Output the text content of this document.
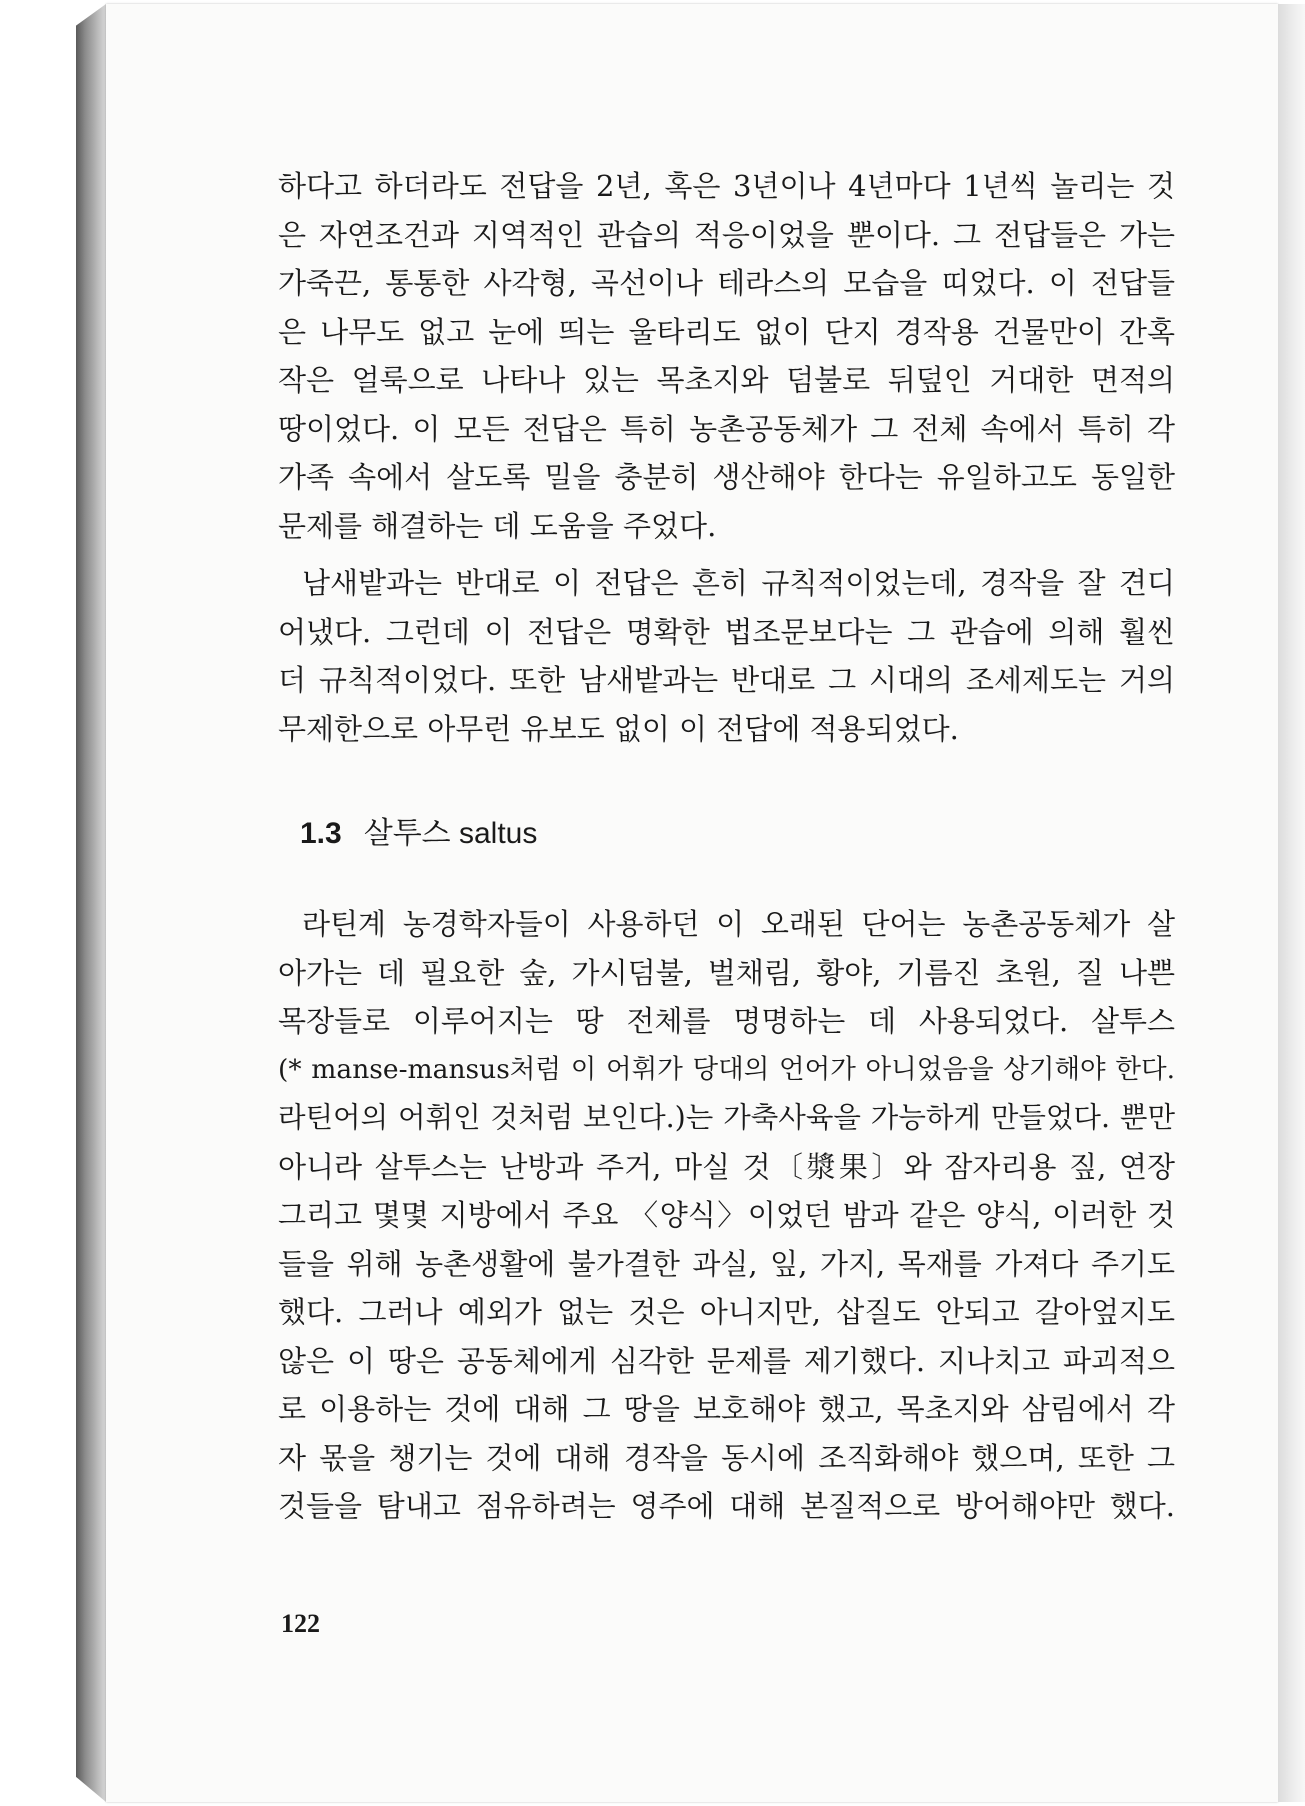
하다고 하더라도 전답을 2년, 혹은 3년이나 4년마다 1년씩 놀리는 것
은 자연조건과 지역적인 관습의 적응이었을 뿐이다. 그 전답들은 가는
가죽끈, 통통한 사각형, 곡선이나 테라스의 모습을 띠었다. 이 전답들
은 나무도 없고 눈에 띄는 울타리도 없이 단지 경작용 건물만이 간혹
작은 얼룩으로 나타나 있는 목초지와 덤불로 뒤덮인 거대한 면적의
땅이었다. 이 모든 전답은 특히 농촌공동체가 그 전체 속에서 특히 각
가족 속에서 살도록 밀을 충분히 생산해야 한다는 유일하고도 동일한
문제를 해결하는 데 도움을 주었다.
남새밭과는 반대로 이 전답은 흔히 규칙적이었는데, 경작을 잘 견디
어냈다. 그런데 이 전답은 명확한 법조문보다는 그 관습에 의해 훨씬
더 규칙적이었다. 또한 남새밭과는 반대로 그 시대의 조세제도는 거의
무제한으로 아무런 유보도 없이 이 전답에 적용되었다.
1.3 살투스 saltus
라틴계 농경학자들이 사용하던 이 오래된 단어는 농촌공동체가 살
아가는 데 필요한 숲, 가시덤불, 벌채림, 황야, 기름진 초원, 질 나쁜
목장들로 이루어지는 땅 전체를 명명하는 데 사용되었다. 살투스
(* manse-mansus처럼 이 어휘가 당대의 언어가 아니었음을 상기해야 한다.
라틴어의 어휘인 것처럼 보인다.)는 가축사육을 가능하게 만들었다. 뿐만
아니라 살투스는 난방과 주거, 마실 것〔漿果〕와 잠자리용 짚, 연장
그리고 몇몇 지방에서 주요 〈양식〉이었던 밤과 같은 양식, 이러한 것
들을 위해 농촌생활에 불가결한 과실, 잎, 가지, 목재를 가져다 주기도
했다. 그러나 예외가 없는 것은 아니지만, 삽질도 안되고 갈아엎지도
않은 이 땅은 공동체에게 심각한 문제를 제기했다. 지나치고 파괴적으
로 이용하는 것에 대해 그 땅을 보호해야 했고, 목초지와 삼림에서 각
자 몫을 챙기는 것에 대해 경작을 동시에 조직화해야 했으며, 또한 그
것들을 탐내고 점유하려는 영주에 대해 본질적으로 방어해야만 했다.
122
